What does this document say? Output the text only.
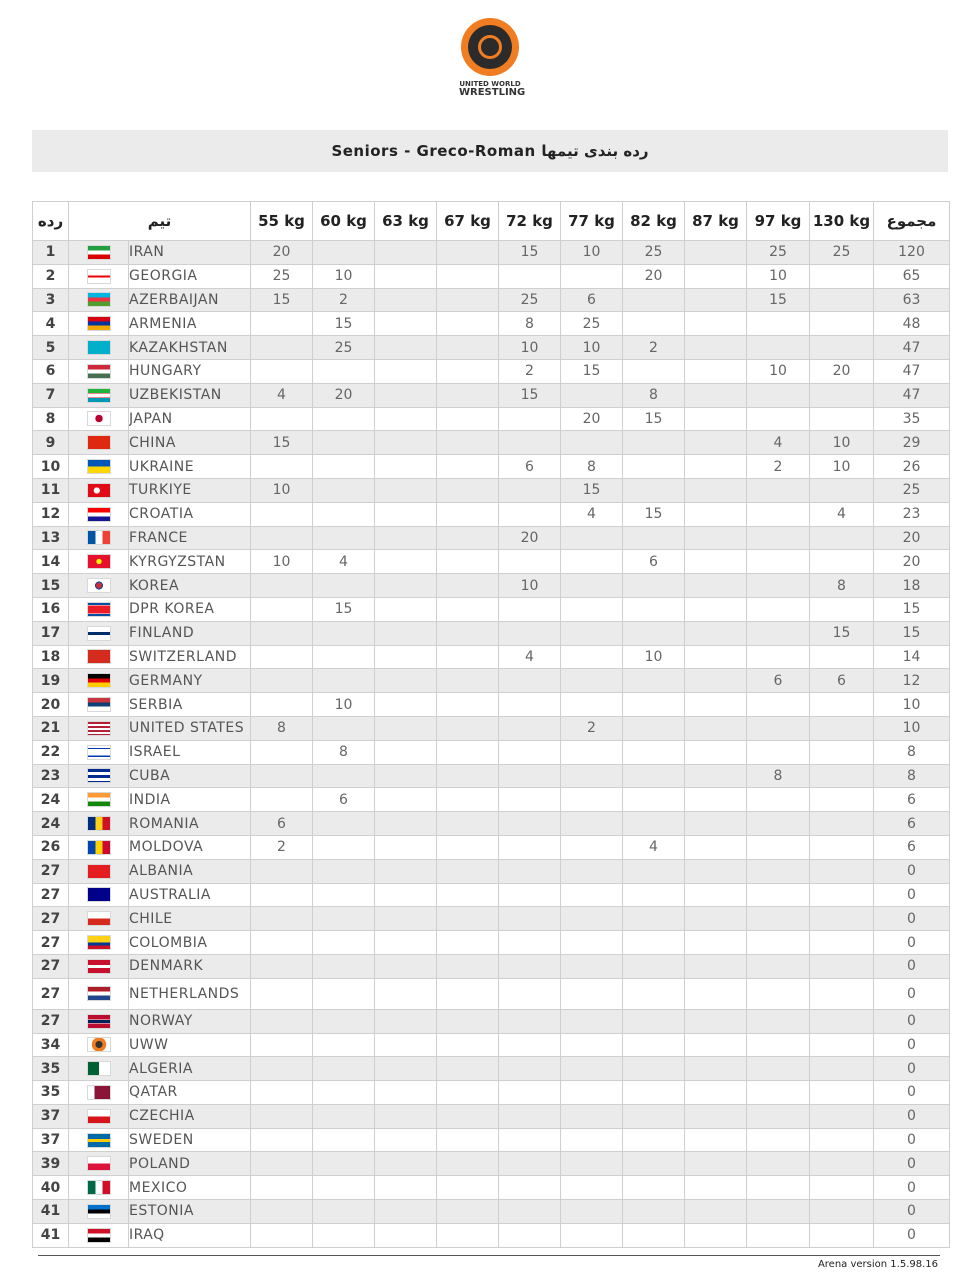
UNITED WORLD
WRESTLING
Seniors - Greco-Roman رده بندی تیمها
رده	تیم		55 kg	60 kg	63 kg	67 kg	72 kg	77 kg	82 kg	87 kg	97 kg	130 kg	مجموع
1		IRAN	20				15	10	25		25	25	120
2		GEORGIA	25	10					20		10		65
3		AZERBAIJAN	15	2			25	6			15		63
4		ARMENIA		15			8	25					48
5		KAZAKHSTAN		25			10	10	2				47
6		HUNGARY					2	15			10	20	47
7		UZBEKISTAN	4	20			15		8				47
8		JAPAN						20	15				35
9		CHINA	15								4	10	29
10		UKRAINE					6	8			2	10	26
11		TURKIYE	10					15					25
12		CROATIA						4	15			4	23
13		FRANCE					20						20
14		KYRGYZSTAN	10	4					6				20
15		KOREA					10					8	18
16		DPR KOREA		15									15
17		FINLAND										15	15
18		SWITZERLAND					4		10				14
19		GERMANY									6	6	12
20		SERBIA		10									10
21		UNITED STATES	8					2					10
22		ISRAEL		8									8
23		CUBA									8		8
24		INDIA		6									6
24		ROMANIA	6										6
26		MOLDOVA	2						4				6
27		ALBANIA											0
27		AUSTRALIA											0
27		CHILE											0
27		COLOMBIA											0
27		DENMARK											0
27		NETHERLANDS											0
27		NORWAY											0
34		UWW											0
35		ALGERIA											0
35		QATAR											0
37		CZECHIA											0
37		SWEDEN											0
39		POLAND											0
40		MEXICO											0
41		ESTONIA											0
41		IRAQ											0
Arena version 1.5.98.16
